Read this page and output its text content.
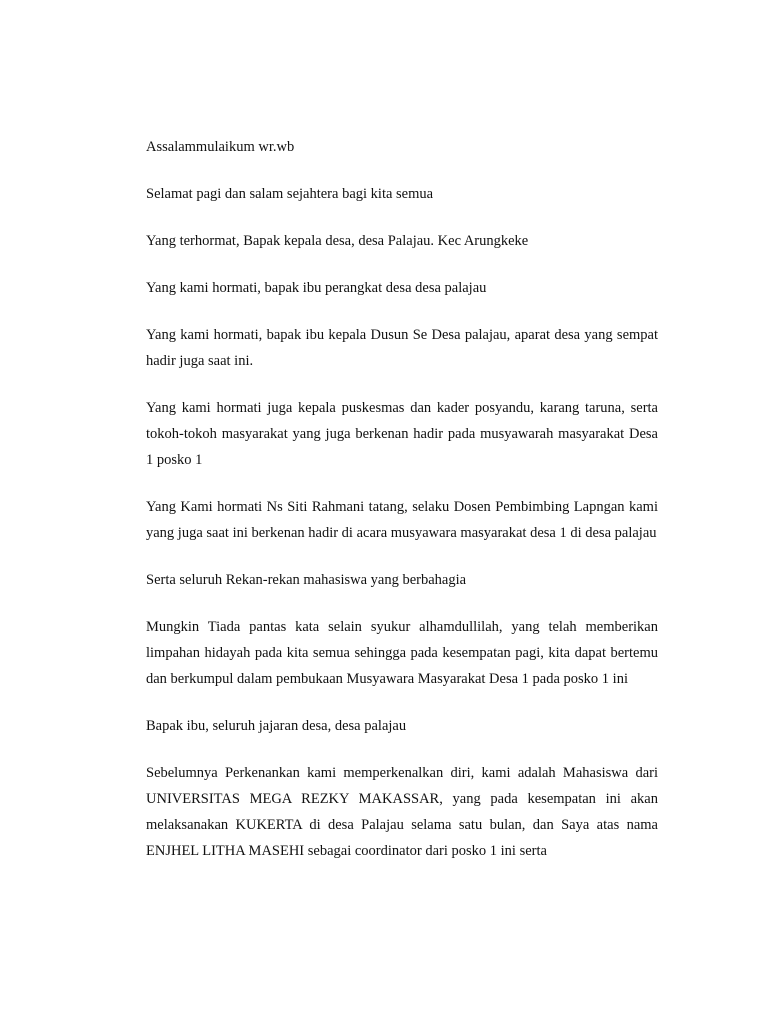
Assalammulaikum wr.wb

Selamat pagi dan salam sejahtera bagi kita semua

Yang terhormat, Bapak kepala desa, desa Palajau. Kec Arungkeke

Yang kami hormati, bapak ibu perangkat desa desa palajau

Yang kami hormati, bapak ibu kepala Dusun Se Desa palajau, aparat desa yang sempat hadir juga saat ini.

Yang kami hormati juga kepala puskesmas dan kader posyandu, karang taruna, serta tokoh-tokoh masyarakat yang juga berkenan hadir pada musyawarah masyarakat Desa 1 posko 1

Yang Kami hormati Ns Siti Rahmani tatang, selaku Dosen Pembimbing Lapngan kami yang juga saat ini berkenan hadir di acara musyawara masyarakat desa 1 di desa palajau

Serta seluruh Rekan-rekan mahasiswa yang berbahagia

Mungkin Tiada pantas kata selain syukur alhamdullilah, yang telah memberikan limpahan hidayah pada kita semua sehingga pada kesempatan pagi, kita dapat bertemu dan berkumpul dalam pembukaan Musyawara Masyarakat Desa 1 pada posko 1 ini

Bapak ibu, seluruh jajaran desa, desa palajau

Sebelumnya Perkenankan kami memperkenalkan diri, kami adalah Mahasiswa dari UNIVERSITAS MEGA REZKY MAKASSAR, yang pada kesempatan ini akan melaksanakan KUKERTA di desa Palajau selama satu bulan, dan Saya atas nama ENJHEL LITHA MASEHI sebagai coordinator dari posko 1 ini serta
